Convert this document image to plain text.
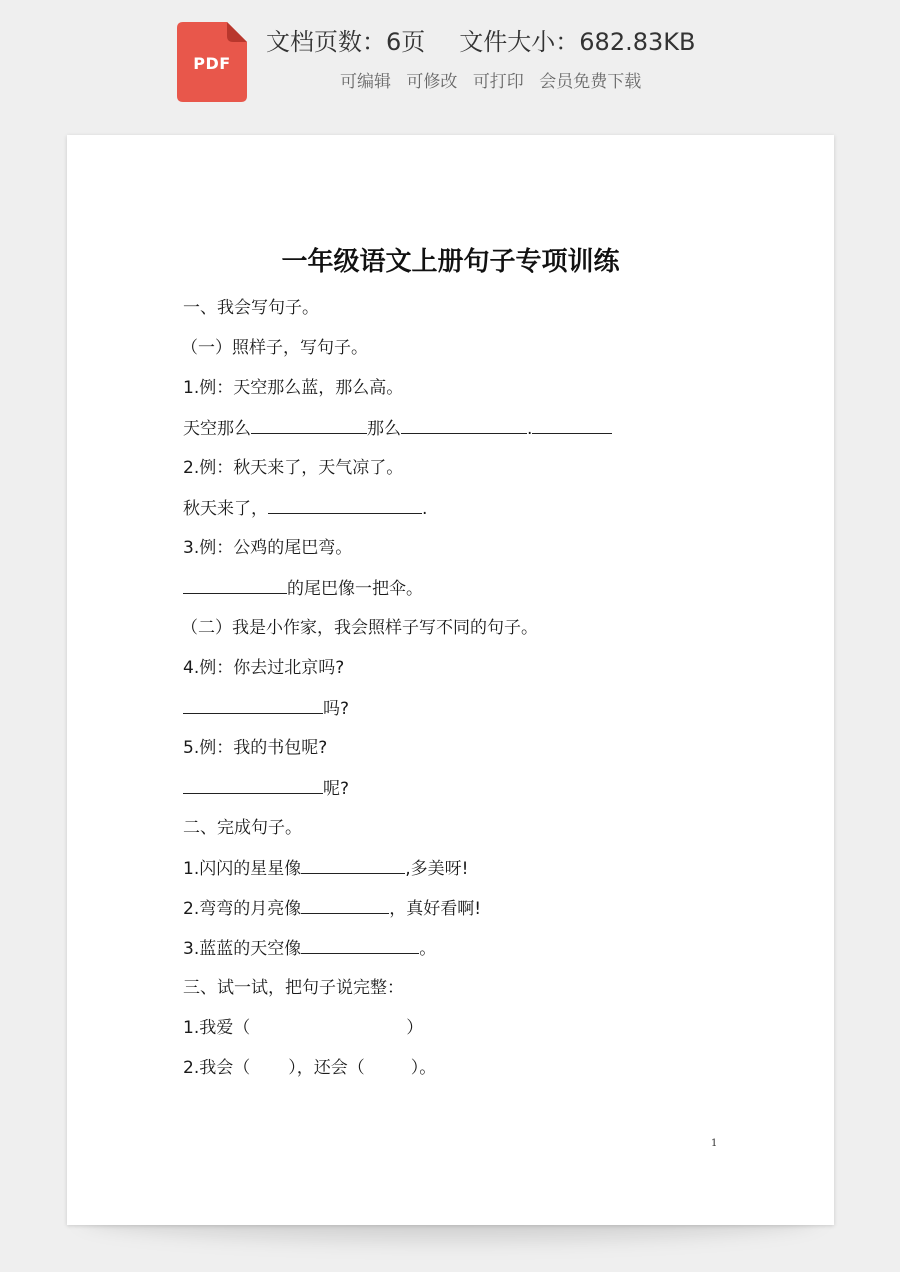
PDF
文档页数：6页 文件大小：682.83KB
可编辑 可修改 可打印 会员免费下载
一年级语文上册句子专项训练
一、我会写句子。
（一）照样子，写句子。
1.例：天空那么蓝，那么高。
天空那么	那么	.
2.例：秋天来了，天气凉了。
秋天来了，	.
3.例：公鸡的尾巴弯。
的尾巴像一把伞。
（二）我是小作家，我会照样子写不同的句子。
4.例：你去过北京吗?
吗?
5.例：我的书包呢?
呢?
二、完成句子。
1.闪闪的星星像	,多美呀!
2.弯弯的月亮像	，真好看啊!
3.蓝蓝的天空像	。
三、试一试，把句子说完整：
1.我爱（	）
2.我会（ ），还会（	）。
1
